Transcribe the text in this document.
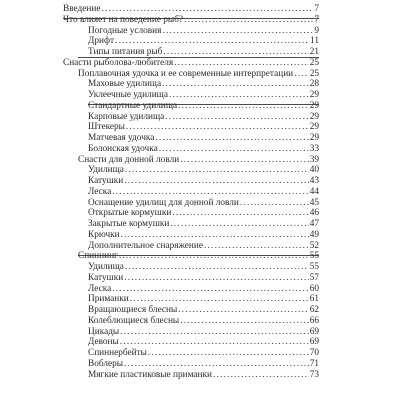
Введение .....	7
Что влияет на поведение рыб? .....	7
Погодные условия .....	9
Дрифт .....	11
Типы питания рыб .....	21
Снасти рыболова-любителя .....	25
Поплавочная удочка и ее современные интерпретации ..... 25
Маховые удилища .....	28
Уклеечные удилища .....	29
Стандартные удилища .....	29
Карповые удилища .....	29
Штекеры .....	29
Матчевая удочка .....	29
Болонская удочка .....	33
Снасти для донной ловли .....	39
Удилища .....	40
Катушки .....	43
Леска .....	44
Оснащение удилищ для донной ловли .....	45
Открытые кормушки .....	46
Закрытые кормушки .....	47
Крючки .....	49
Дополнительное снаряжение .....	52
Спиннинг .....	55
Удилища .....	55
Катушки .....	57
Леска .....	60
Приманки .....	61
Вращающиеся блесны .....	62
Колеблющиеся блесны .....	66
Цикады .....	69
Девоны .....	69
Спиннербейты .....	70
Воблеры .....	71
Мягкие пластиковые приманки .....	73
